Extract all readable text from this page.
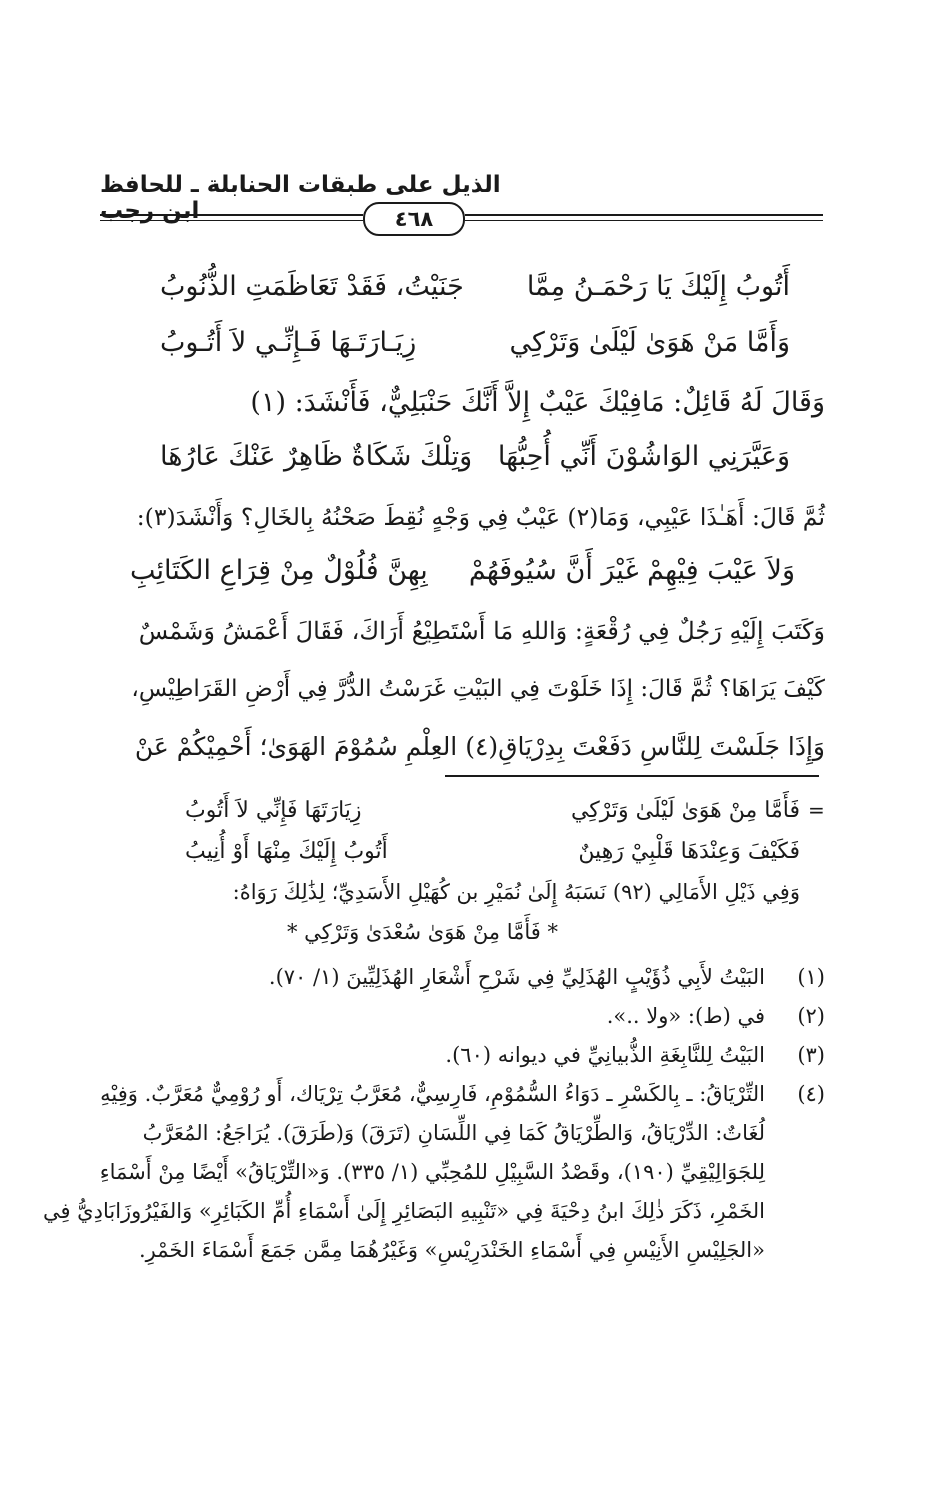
الذيل على طبقات الحنابلة ـ للحافظ ابن رجب	٤٦٨
أَتُوبُ إِلَيْكَ يَا رَحْمَـنُ مِمَّا
جَنَيْتُ، فَقَدْ تَعَاظَمَتِ الذُّنُوبُ
وَأَمَّا مَنْ هَوَىٰ لَيْلَىٰ وَتَرْكِي
زِيَـارَتَـهَا فَـإِنِّـي لاَ أَتُـوبُ
وَقَالَ لَهُ قَائِلٌ: مَافِيْكَ عَيْبٌ إِلاَّ أَنَّكَ حَنْبَلِيٌّ، فَأَنْشَدَ: (١)
وَعَيَّرَنِي الوَاشُوْنَ أَنِّي أُحِبُّهَا
وَتِلْكَ شَكَاةٌ ظَاهِرٌ عَنْكَ عَارُهَا
ثُمَّ قَالَ: أَهَـٰذَا عَيْبِي، وَمَا(٢) عَيْبٌ فِي وَجْهٍ نُقِطَ صَحْنُهُ بِالخَالِ؟ وَأَنْشَدَ(٣):
وَلاَ عَيْبَ فِيْهِمْ غَيْرَ أَنَّ سُيُوفَهُمْ
بِهِنَّ فُلُوْلٌ مِنْ قِرَاعِ الكَتَائِبِ
وَكَتَبَ إِلَيْهِ رَجُلٌ فِي رُقْعَةٍ: وَاللهِ مَا أَسْتَطِيْعُ أَرَاكَ، فَقَالَ أَعْمَشُ وَشَمْسٌ
كَيْفَ يَرَاهَا؟ ثُمَّ قَالَ: إِذَا خَلَوْتَ فِي البَيْتِ غَرَسْتُ الدُّرَّ فِي أَرْضِ القَرَاطِيْسِ،
وَإِذَا جَلَسْتَ لِلنَّاسِ دَفَعْتَ بِدِرْيَاقِ(٤) العِلْمِ سُمُوْمَ الهَوَىٰ؛ أَحْمِيْكُمْ عَنْ
=
فَأَمَّا مِنْ هَوَىٰ لَيْلَىٰ وَتَرْكِي
زِيَارَتَهَا فَإِنِّي لاَ أَتُوبُ
فَكَيْفَ وَعِنْدَهَا قَلْبِيْ رَهِينٌ
أَتُوبُ إِلَيْكَ مِنْهَا أَوْ أُنِيبُ
وَفِي ذَيْلِ الأَمَالِي (٩٢) نَسَبَهُ إِلَىٰ نُمَيْرِ بن كُهَيْلِ الأَسَدِيِّ؛ لِذَٰلِكَ رَوَاهُ:
* فَأَمَّا مِنْ هَوَىٰ سُعْدَىٰ وَتَرْكِي *
(١)
البَيْتُ لأَبِي ذُؤَيْبٍ الهُذَلِيِّ فِي شَرْحِ أَشْعَارِ الهُذَلِيِّينَ (١/ ٧٠).
(٢)
في (ط): «ولا ..».
(٣)
البَيْتُ لِلنَّابِغَةِ الذُّبيانِيِّ في ديوانه (٦٠).
(٤)
التِّرْيَاقُ: ـ بِالكَسْرِ ـ دَوَاءُ السُّمُوْمِ، فَارِسِيٌّ، مُعَرَّبُ تِرْيَاك، أَو رُوْمِيٌّ مُعَرَّبٌ. وَفِيْهِ
لُغَاتٌ: الدِّرْيَاقُ، وَالطِّرْيَاقُ كَمَا فِي اللِّسَانِ (تَرَقَ) وَ(طَرَقَ). يُرَاجَعُ: المُعَرَّبُ
لِلجَوَالِيْقِيِّ (١٩٠)، وقَصْدُ السَّبِيْلِ للمُحِبِّي (١/ ٣٣٥). وَ«التِّرْيَاقُ» أَيْضًا مِنْ أَسْمَاءِ
الخَمْرِ، ذَكَرَ ذٰلِكَ ابنُ دِحْيَةَ فِي «تَنْبِيهِ البَصَائِرِ إِلَىٰ أَسْمَاءِ أُمِّ الكَبَائِرِ» وَالفَيْرُوزَابَادِيُّ فِي
«الجَلِيْسِ الأَنِيْسِ فِي أَسْمَاءِ الخَنْدَرِيْسِ» وَغَيْرُهُمَا مِمَّن جَمَعَ أَسْمَاءَ الخَمْرِ.
